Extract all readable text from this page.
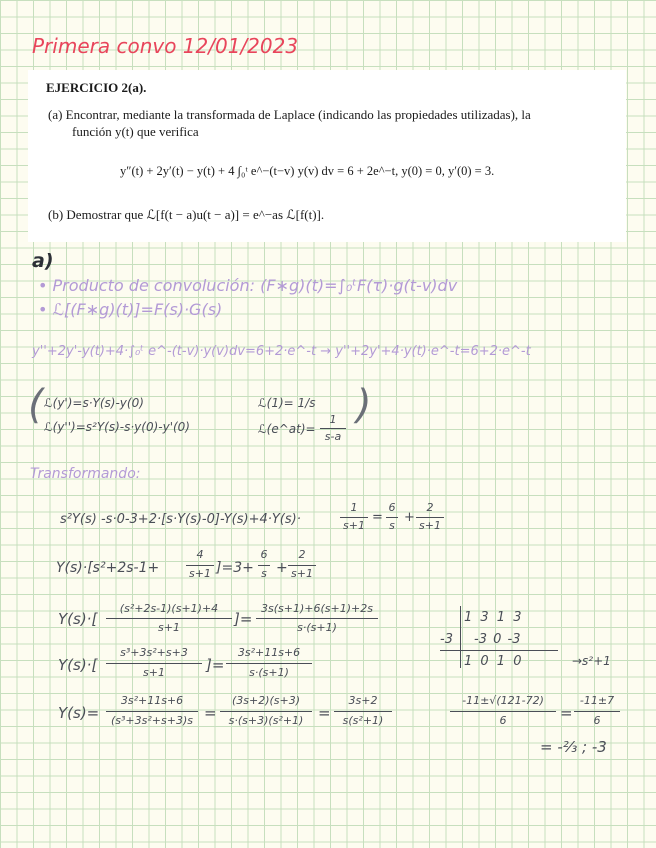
Primera convo 12/01/2023
EJERCICIO 2(a).
(a) Encontrar, mediante la transformada de Laplace (indicando las propiedades utilizadas), la
función y(t) que verifica
y″(t) + 2y′(t) − y(t) + 4 ∫₀ᵗ e^−(t−v) y(v) dv = 6 + 2e^−t, y(0) = 0, y′(0) = 3.
(b) Demostrar que ℒ[f(t − a)u(t − a)] = e^−as ℒ[f(t)].
a)
• Producto de convolución: (F∗g)(t)=∫₀ᵗF(τ)·g(t-v)dv
• ℒ[(F∗g)(t)]=F(s)·G(s)
y''+2y'-y(t)+4·∫₀ᵗ e^-(t-v)·y(v)dv=6+2·e^-t → y''+2y'+4·y(t)·e^-t=6+2·e^-t
( ℒ(y')=s·Y(s)-y(0)
ℒ(y'')=s²Y(s)-s·y(0)-y'(0)
ℒ(1)= 1/s
ℒ(e^at)=
1
s-a
)
Transformando:
s²Y(s) -s·0-3+2·[s·Y(s)-0]-Y(s)+4·Y(s)·
1
s+1
=
6
s
+
2
s+1
Y(s)·[s²+2s-1+
4
s+1 ]=3+
6
s +
2
s+1
Y(s)·[
(s²+2s-1)(s+1)+4
s+1	]=
3s(s+1)+6(s+1)+2s
s·(s+1)
Y(s)·[
s³+3s²+s+3
s+1	]=
3s²+11s+6
s·(s+1)
Y(s)=
3s²+11s+6
(s³+3s²+s+3)s =
(3s+2)(s+3)
s·(s+3)(s²+1) =
3s+2
s(s²+1)
1 3 1 3
-3 -3 0 -3
1 0 1 0	→s²+1
-11±√(121-72)
6	=
-11±7
6
= -²⁄₃ ; -3
